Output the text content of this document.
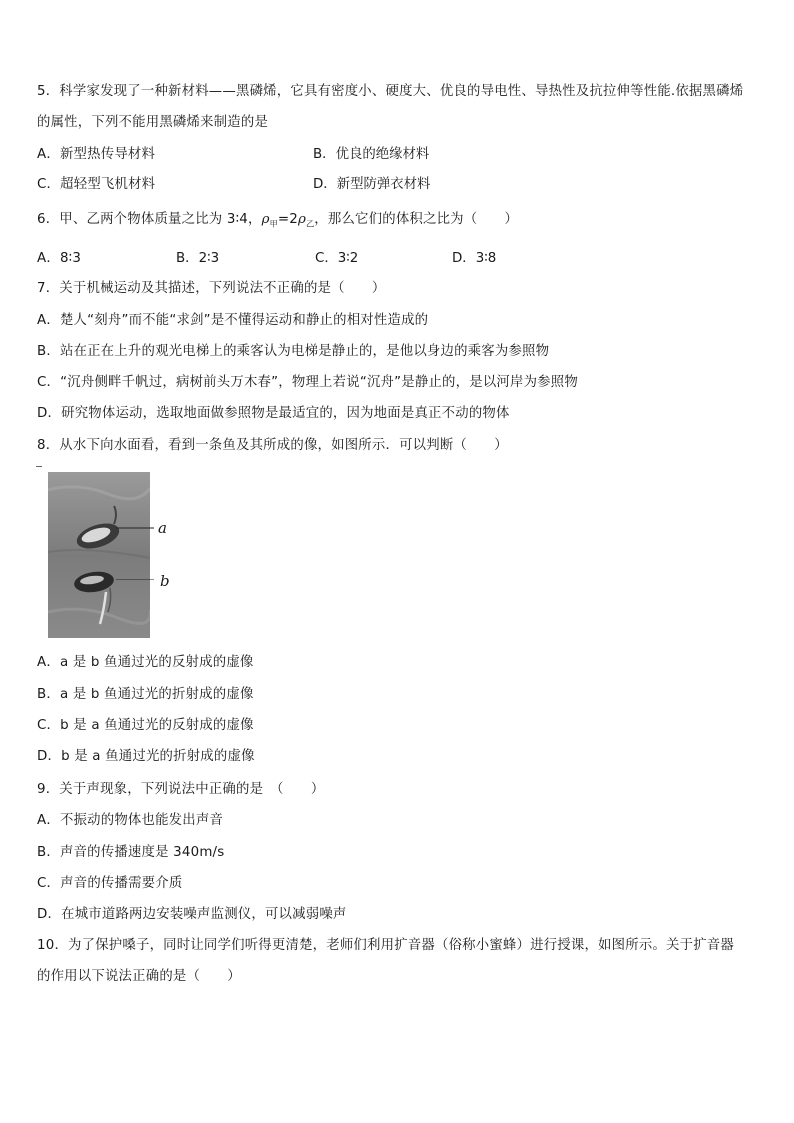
5．科学家发现了一种新材料——黑磷烯，它具有密度小、硬度大、优良的导电性、导热性及抗拉伸等性能.依据黑磷烯
的属性，下列不能用黑磷烯来制造的是
A．新型热传导材料	B．优良的绝缘材料
C．超轻型飞机材料	D．新型防弹衣材料
6．甲、乙两个物体质量之比为 3∶4，$\rho_甲=2\rho_乙$，那么它们的体积之比为（　　）
A．8∶3	B．2∶3	C．3∶2	D．3∶8
7．关于机械运动及其描述，下列说法不正确的是（　　）
A．楚人“刻舟”而不能“求剑”是不懂得运动和静止的相对性造成的
B．站在正在上升的观光电梯上的乘客认为电梯是静止的，是他以身边的乘客为参照物
C．“沉舟侧畔千帆过，病树前头万木春”，物理上若说“沉舟”是静止的，是以河岸为参照物
D．研究物体运动，选取地面做参照物是最适宜的，因为地面是真正不动的物体
8．从水下向水面看，看到一条鱼及其所成的像，如图所示．可以判断（　　）
a
b
A．a 是 b 鱼通过光的反射成的虚像
B．a 是 b 鱼通过光的折射成的虚像
C．b 是 a 鱼通过光的反射成的虚像
D．b 是 a 鱼通过光的折射成的虚像
9．关于声现象，下列说法中正确的是　（　　）
A．不振动的物体也能发出声音
B．声音的传播速度是 340m/s
C．声音的传播需要介质
D．在城市道路两边安装噪声监测仪，可以减弱噪声
10．为了保护嗓子，同时让同学们听得更清楚，老师们利用扩音器（俗称小蜜蜂）进行授课，如图所示。关于扩音器
的作用以下说法正确的是（　　）
